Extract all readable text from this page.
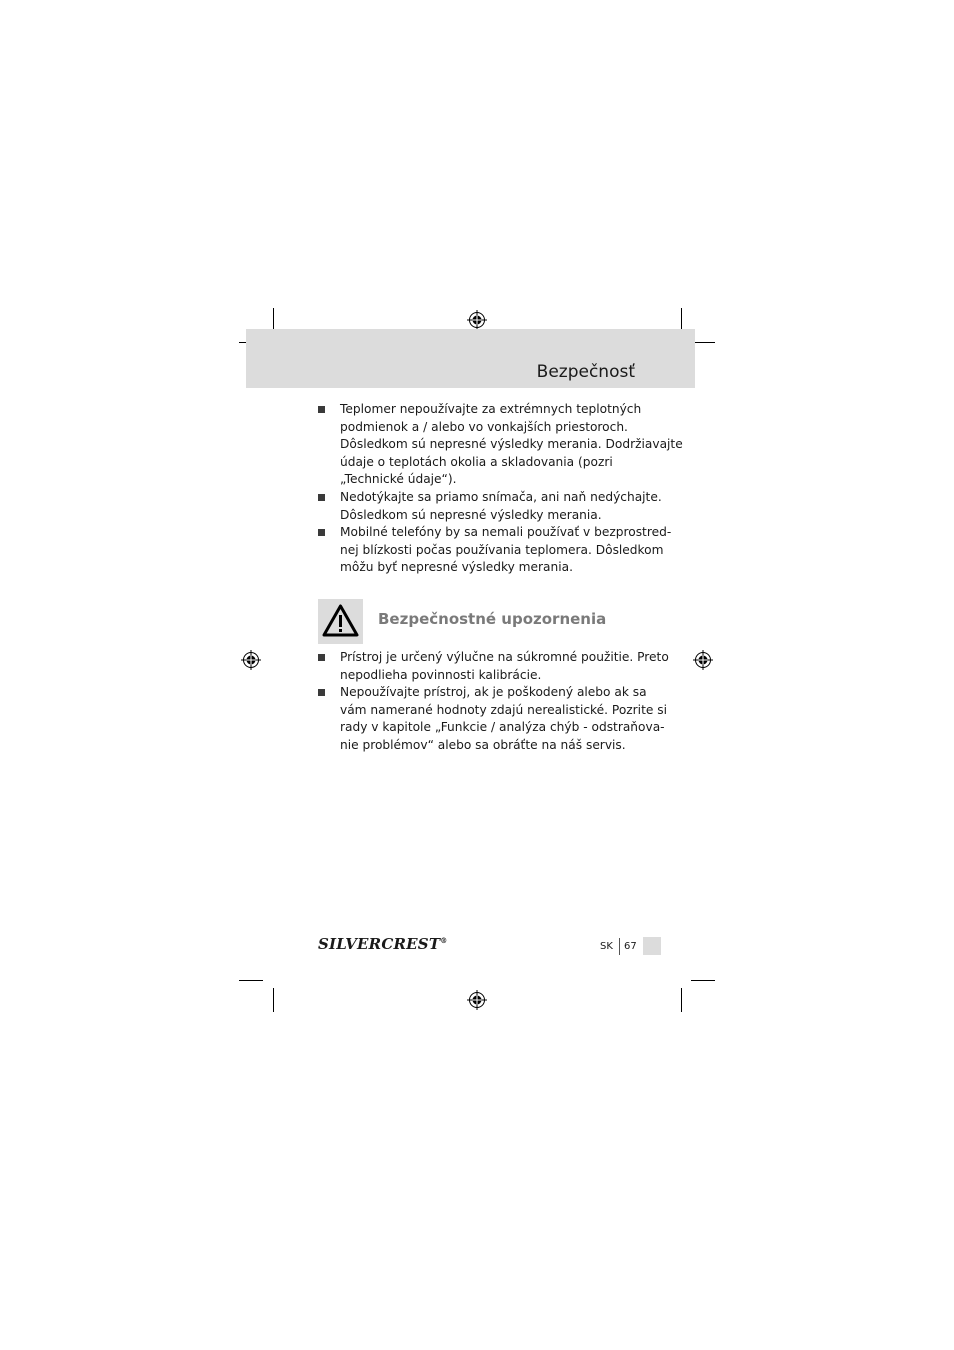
Bezpečnosť
Teplomer nepoužívajte za extrémnych teplotných
podmienok a / alebo vo vonkajších priestoroch.
Dôsledkom sú nepresné výsledky merania. Dodržiavajte
údaje o teplotách okolia a skladovania (pozri
„Technické údaje“).
Nedotýkajte sa priamo snímača, ani naň nedýchajte.
Dôsledkom sú nepresné výsledky merania.
Mobilné telefóny by sa nemali používať v bezprostred-
nej blízkosti počas používania teplomera. Dôsledkom
môžu byť nepresné výsledky merania.
Bezpečnostné upozornenia
Prístroj je určený výlučne na súkromné použitie. Preto
nepodlieha povinnosti kalibrácie.
Nepoužívajte prístroj, ak je poškodený alebo ak sa
vám namerané hodnoty zdajú nerealistické. Pozrite si
rady v kapitole „Funkcie / analýza chýb - odstraňova-
nie problémov“ alebo sa obráťte na náš servis.
SILVERCREST®
SK 67
